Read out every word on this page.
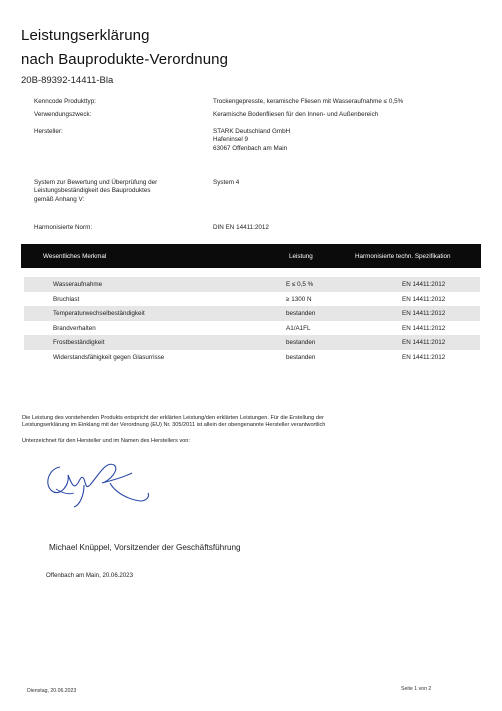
Leistungserklärung
nach Bauprodukte-Verordnung
20B-89392-14411-Bla
Kenncode Produkttyp:	Trockengepresste, keramische Fliesen mit Wasseraufnahme ≤ 0,5%
Verwendungszweck:	Keramische Bodenfliesen für den Innen- und Außenbereich
Hersteller:	STARK Deutschland GmbH
Hafeninsel 9
63067 Offenbach am Main
System zur Bewertung und Überprüfung der
Leistungsbeständigkeit des Bauproduktes
gemäß Anhang V:
System 4
Harmonisierte Norm:	DIN EN 14411:2012
Wesentliches Merkmal	Leistung	Harmonisierte techn. Spezifikation
Wasseraufnahme	E ≤ 0,5 %	EN 14411:2012
Bruchlast	≥ 1300 N	EN 14411:2012
Temperaturwechselbeständigkeit	bestanden	EN 14411:2012
Brandverhalten	A1/A1FL	EN 14411:2012
Frostbeständigkeit	bestanden	EN 14411:2012
Widerstandsfähigkeit gegen Glasurrisse	bestanden	EN 14411:2012
Die Leistung des vorstehenden Produkts entspricht der erklärten Leistung/den erklärten Leistungen. Für die Erstellung der
Leistungserklärung im Einklang mit der Verordnung (EU) Nr. 305/2011 ist allein der obengenannte Hersteller verantwortlich
Unterzeichnet für den Hersteller und im Namen des Herstellers von:
Michael Knüppel, Vorsitzender der Geschäftsführung
Offenbach am Main, 20.06.2023
Dienstag, 20.06.2023	Seite 1 von 2
